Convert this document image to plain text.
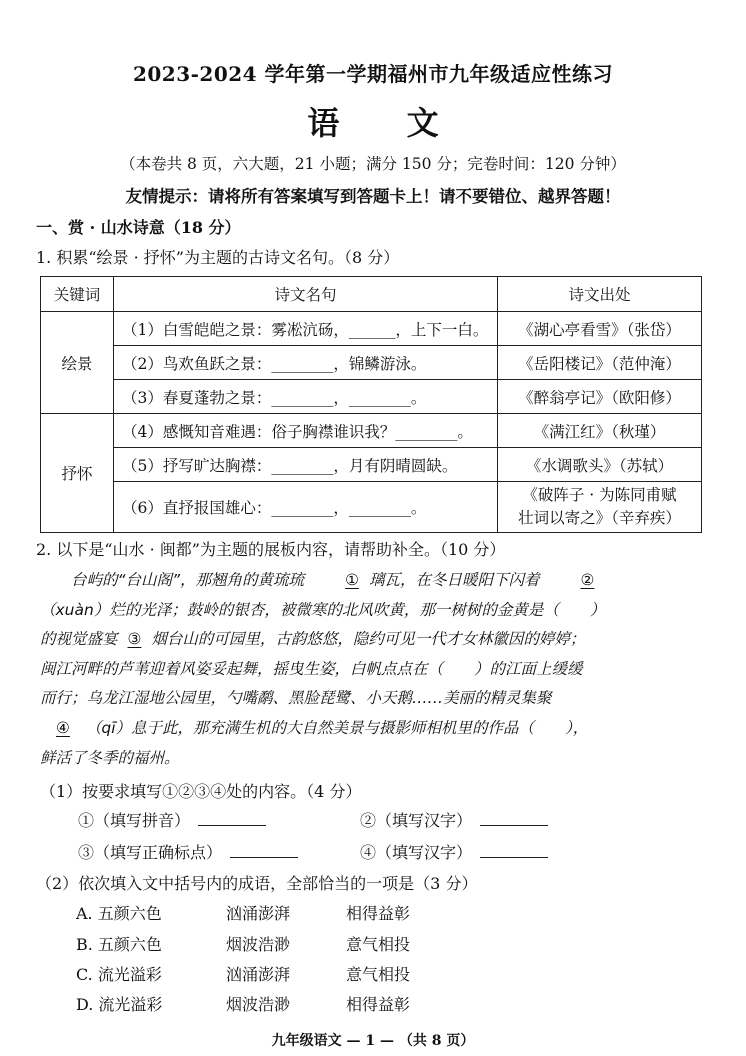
2023-2024 学年第一学期福州市九年级适应性练习
语 文
（本卷共 8 页，六大题，21 小题；满分 150 分；完卷时间：120 分钟）
友情提示：请将所有答案填写到答题卡上！请不要错位、越界答题！
一、赏 · 山水诗意（18 分）
1. 积累“绘景 · 抒怀”为主题的古诗文名句。（8 分）
关键词	诗文名句	诗文出处
绘景	（1）白雪皑皑之景：雾凇沆砀，______，上下一白。	《湖心亭看雪》（张岱）
	（2）鸟欢鱼跃之景：________，锦鳞游泳。	《岳阳楼记》（范仲淹）
	（3）春夏蓬勃之景：________，________。	《醉翁亭记》（欧阳修）
抒怀	（4）感慨知音难遇：俗子胸襟谁识我？________。	《满江红》（秋瑾）
	（5）抒写旷达胸襟：________，月有阴晴圆缺。	《水调歌头》（苏轼）
	（6）直抒报国雄心：________，________。	《破阵子 · 为陈同甫赋
壮词以寄之》（辛弃疾）
2. 以下是“山水 · 闽都”为主题的展板内容，请帮助补全。（10 分）
台屿的“台山阁”，那翘角的黄琉琉	① 璃瓦，在冬日暖阳下闪着	②
（xuàn）烂的光泽；鼓岭的银杏，被微寒的北风吹黄，那一树树的金黄是（　　）
的视觉盛宴 ③ 烟台山的可园里，古韵悠悠，隐约可见一代才女林徽因的婷婷；
闽江河畔的芦苇迎着风姿妥起舞，摇曳生姿，白帆点点在（　　）的江面上缓缓
而行；乌龙江湿地公园里，勺嘴鹬、黑脸琵鹭、小天鹅……美丽的精灵集聚
④ （qī）息于此，那充满生机的大自然美景与摄影师相机里的作品（　　），
鲜活了冬季的福州。
（1）按要求填写①②③④处的内容。（4 分）
①（填写拼音）	②（填写汉字）
③（填写正确标点）	④（填写汉字）
（2）依次填入文中括号内的成语，全部恰当的一项是（3 分）
A. 五颜六色	汹涌澎湃	相得益彰
B. 五颜六色	烟波浩渺	意气相投
C. 流光溢彩	汹涌澎湃	意气相投
D. 流光溢彩	烟波浩渺	相得益彰
九年级语文 — 1 — （共 8 页）
